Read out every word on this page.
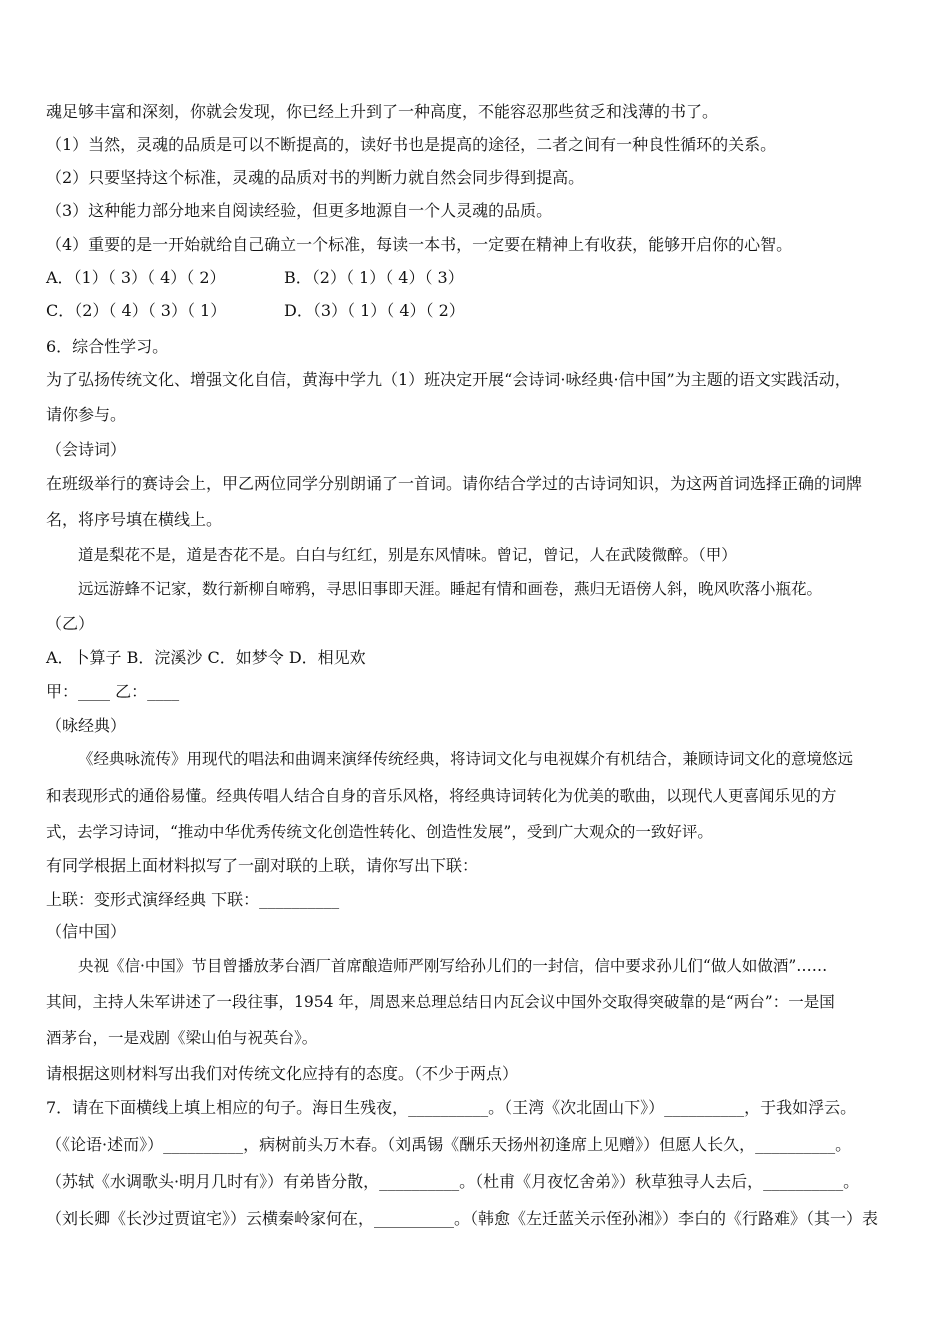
魂足够丰富和深刻，你就会发现，你已经上升到了一种高度，不能容忍那些贫乏和浅薄的书了。
（1）当然，灵魂的品质是可以不断提高的，读好书也是提高的途径，二者之间有一种良性循环的关系。
（2）只要坚持这个标准，灵魂的品质对书的判断力就自然会同步得到提高。
（3）这种能力部分地来自阅读经验，但更多地源自一个人灵魂的品质。
（4）重要的是一开始就给自己确立一个标准，每读一本书，一定要在精神上有收获，能够开启你的心智。
A．（1）（ 3）（ 4）（ 2）	B．（2）（ 1）（ 4）（ 3）
C．（2）（ 4）（ 3）（ 1）	D．（3）（ 1）（ 4）（ 2）
6．综合性学习。
为了弘扬传统文化、增强文化自信，黄海中学九（1）班决定开展“会诗词·咏经典·信中国”为主题的语文实践活动，
请你参与。
（会诗词）
在班级举行的赛诗会上，甲乙两位同学分别朗诵了一首词。请你结合学过的古诗词知识，为这两首词选择正确的词牌
名，将序号填在横线上。
道是梨花不是，道是杏花不是。白白与红红，别是东风情味。曾记，曾记，人在武陵微醉。（甲）
远远游蜂不记家，数行新柳自啼鸦，寻思旧事即天涯。睡起有情和画卷，燕归无语傍人斜，晚风吹落小瓶花。
（乙）
A．卜算子 B．浣溪沙 C．如梦令 D．相见欢
甲：____ 乙：____
（咏经典）
《经典咏流传》用现代的唱法和曲调来演绎传统经典，将诗词文化与电视媒介有机结合，兼顾诗词文化的意境悠远
和表现形式的通俗易懂。经典传唱人结合自身的音乐风格，将经典诗词转化为优美的歌曲，以现代人更喜闻乐见的方
式，去学习诗词，“推动中华优秀传统文化创造性转化、创造性发展”，受到广大观众的一致好评。
有同学根据上面材料拟写了一副对联的上联，请你写出下联：
上联：变形式演绎经典 下联：__________
（信中国）
央视《信·中国》节目曾播放茅台酒厂首席酿造师严刚写给孙儿们的一封信，信中要求孙儿们“做人如做酒”……
其间，主持人朱军讲述了一段往事，1954 年，周恩来总理总结日内瓦会议中国外交取得突破靠的是“两台”：一是国
酒茅台，一是戏剧《梁山伯与祝英台》。
请根据这则材料写出我们对传统文化应持有的态度。（不少于两点）
7．请在下面横线上填上相应的句子。海日生残夜，__________。（王湾《次北固山下》）__________，于我如浮云。
（《论语·述而》）__________，病树前头万木春。（刘禹锡《酬乐天扬州初逢席上见赠》）但愿人长久，__________。
（苏轼《水调歌头·明月几时有》）有弟皆分散，__________。（杜甫《月夜忆舍弟》）秋草独寻人去后，__________。
（刘长卿《长沙过贾谊宅》）云横秦岭家何在，__________。（韩愈《左迁蓝关示侄孙湘》）李白的《行路难》（其一）表
